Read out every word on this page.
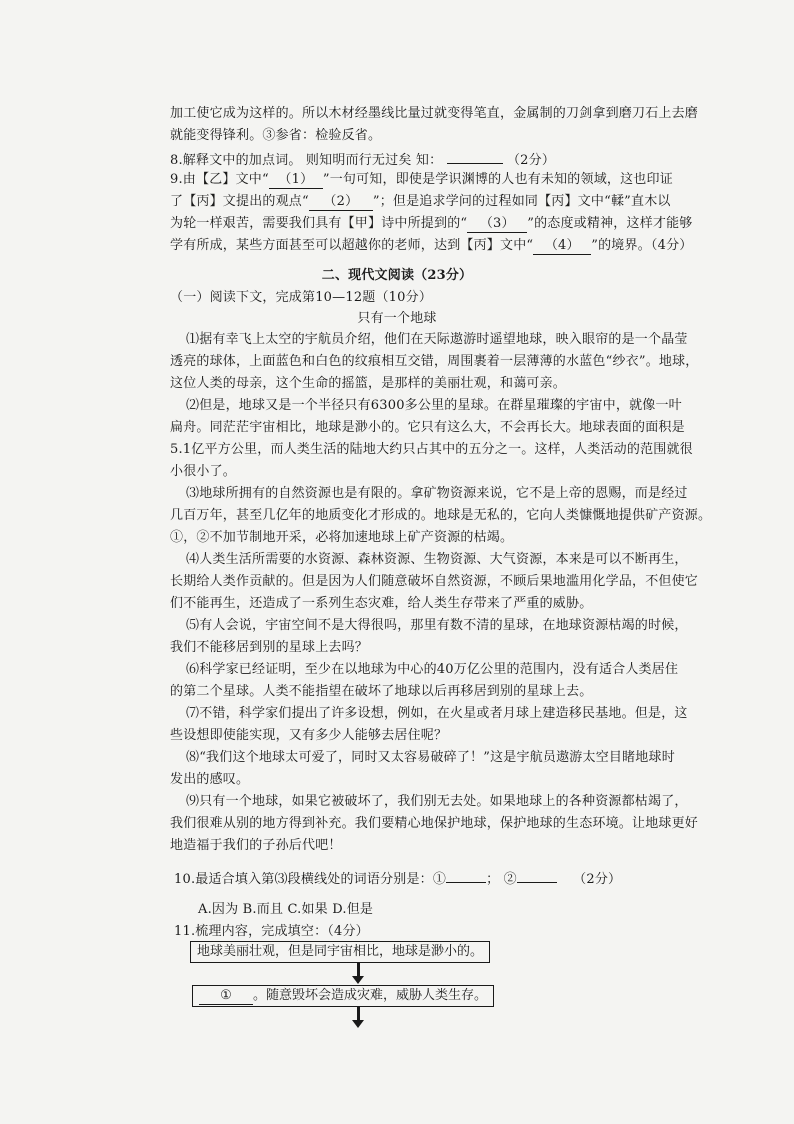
加工使它成为这样的。所以木材经墨线比量过就变得笔直，金属制的刀剑拿到磨刀石上去磨
就能变得锋利。③参省：检验反省。
8.解释文中的加点词。 则知明而行无过矣 知：	（2分）
9.由【乙】文中“ （1） ”一句可知，即使是学识渊博的人也有未知的领域，这也印证
了【丙】文提出的观点“ （2） ”；但是追求学问的过程如同【丙】文中“輮”直木以
为轮一样艰苦，需要我们具有【甲】诗中所提到的“ （3） ”的态度或精神，这样才能够
学有所成，某些方面甚至可以超越你的老师，达到【丙】文中“ （4） ”的境界。（4分）
二、现代文阅读（23分）
（一）阅读下文，完成第10—12题（10分）
只有一个地球
⑴据有幸飞上太空的宇航员介绍，他们在天际遨游时遥望地球，映入眼帘的是一个晶莹
透亮的球体，上面蓝色和白色的纹痕相互交错，周围裹着一层薄薄的水蓝色“纱衣”。地球，
这位人类的母亲，这个生命的摇篮，是那样的美丽壮观，和蔼可亲。
⑵但是，地球又是一个半径只有6300多公里的星球。在群星璀璨的宇宙中，就像一叶
扁舟。同茫茫宇宙相比，地球是渺小的。它只有这么大，不会再长大。地球表面的面积是
5.1亿平方公里，而人类生活的陆地大约只占其中的五分之一。这样，人类活动的范围就很
小很小了。
⑶地球所拥有的自然资源也是有限的。拿矿物资源来说，它不是上帝的恩赐，而是经过
几百万年，甚至几亿年的地质变化才形成的。地球是无私的，它向人类慷慨地提供矿产资源。
①，②不加节制地开采，必将加速地球上矿产资源的枯竭。
⑷人类生活所需要的水资源、森林资源、生物资源、大气资源，本来是可以不断再生，
长期给人类作贡献的。但是因为人们随意破坏自然资源，不顾后果地滥用化学品，不但使它
们不能再生，还造成了一系列生态灾难，给人类生存带来了严重的威胁。
⑸有人会说，宇宙空间不是大得很吗，那里有数不清的星球，在地球资源枯竭的时候，
我们不能移居到别的星球上去吗？
⑹科学家已经证明，至少在以地球为中心的40万亿公里的范围内，没有适合人类居住
的第二个星球。人类不能指望在破坏了地球以后再移居到别的星球上去。
⑺不错，科学家们提出了许多设想，例如，在火星或者月球上建造移民基地。但是，这
些设想即使能实现，又有多少人能够去居住呢？
⑻“我们这个地球太可爱了，同时又太容易破碎了！”这是宇航员遨游太空目睹地球时
发出的感叹。
⑼只有一个地球，如果它被破坏了，我们别无去处。如果地球上的各种资源都枯竭了，
我们很难从别的地方得到补充。我们要精心地保护地球，保护地球的生态环境。让地球更好
地造福于我们的子孙后代吧！
10.最适合填入第⑶段横线处的词语分别是：①	； ②	（2分）
A.因为 B.而且 C.如果 D.但是
11.梳理内容，完成填空：（4分）
地球美丽壮观，但是同宇宙相比，地球是渺小的。
① 。随意毁坏会造成灾难，威胁人类生存。
